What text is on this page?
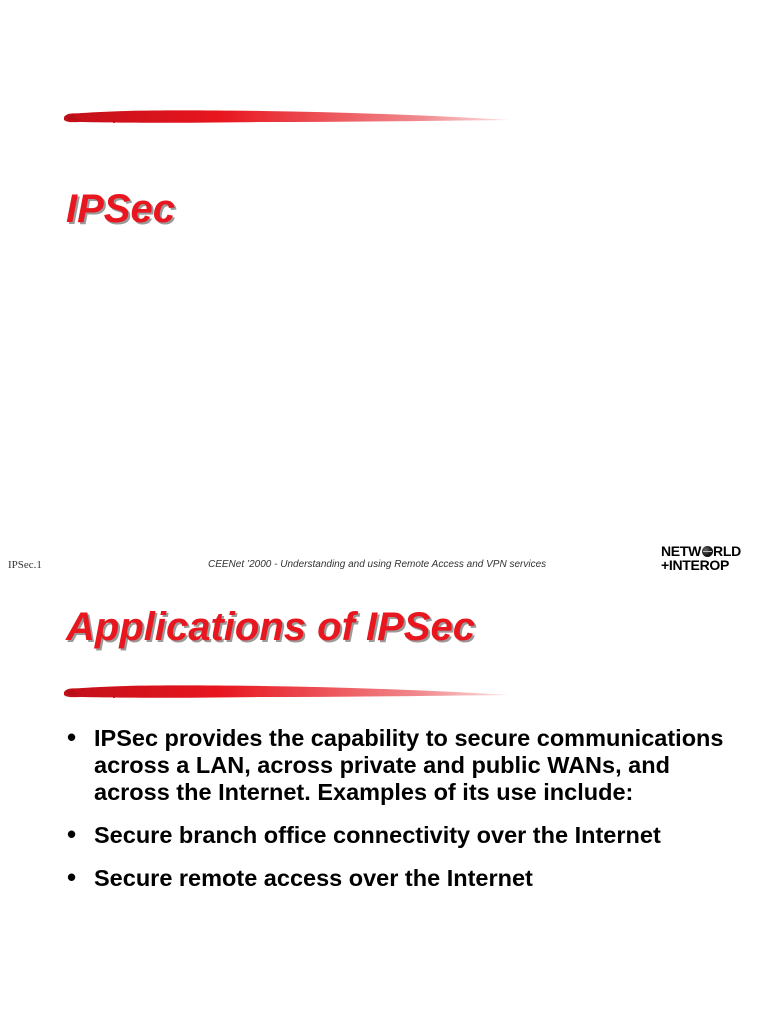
IPSec
IPSec.1	CEENet ’2000 - Understanding and using Remote Access and VPN services
NETW RLD
+INTEROP
Applications of IPSec
• IPSec provides the capability to secure communications across a LAN, across private and public WANs, and across the Internet. Examples of its use include:
• Secure branch office connectivity over the Internet
• Secure remote access over the Internet
